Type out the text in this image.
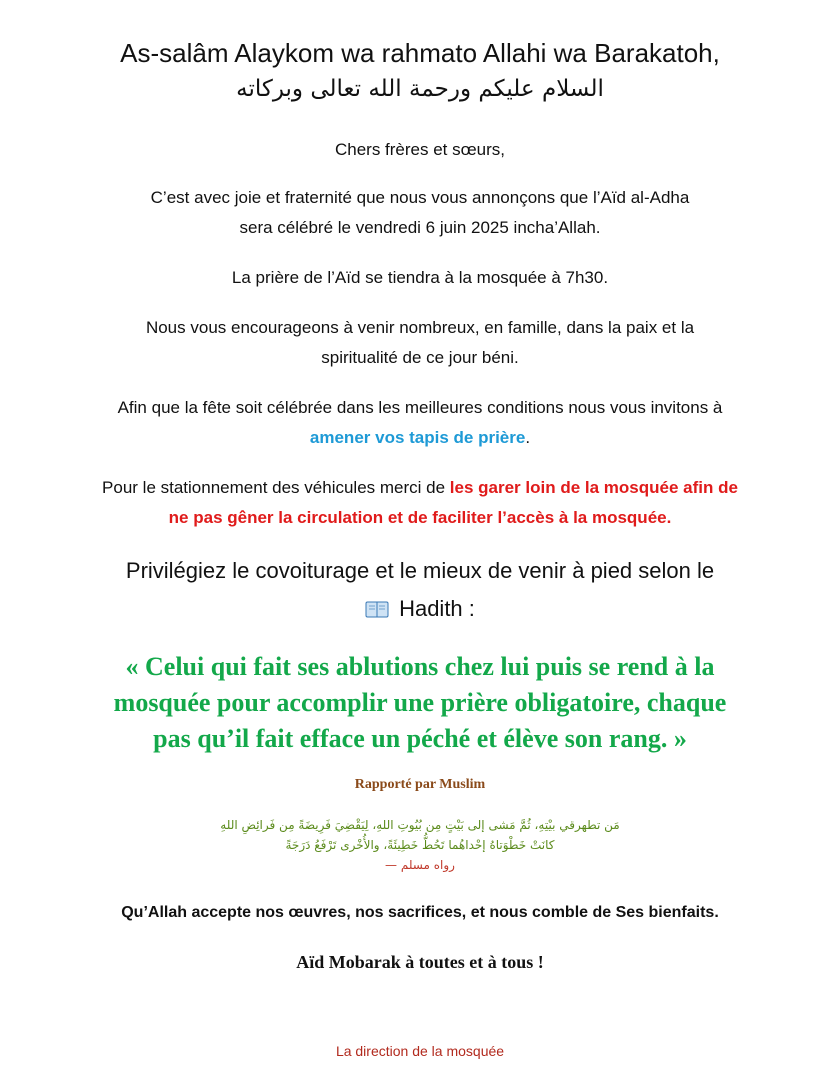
As-salâm Alaykom wa rahmato Allahi wa Barakatoh,
السلام عليكم ورحمة الله تعالى وبركاته
Chers frères et sœurs,
C’est avec joie et fraternité que nous vous annonçons que l’Aïd al-Adha
sera célébré le vendredi 6 juin 2025 incha’Allah.
La prière de l’Aïd se tiendra à la mosquée à 7h30.
Nous vous encourageons à venir nombreux, en famille, dans la paix et la
spiritualité de ce jour béni.
Afin que la fête soit célébrée dans les meilleures conditions nous vous invitons à
amener vos tapis de prière.
Pour le stationnement des véhicules merci de les garer loin de la mosquée afin de
ne pas gêner la circulation et de faciliter l’accès à la mosquée.
Privilégiez le covoiturage et le mieux de venir à pied selon le
Hadith :
« Celui qui fait ses ablutions chez lui puis se rend à la
mosquée pour accomplir une prière obligatoire, chaque
pas qu’il fait efface un péché et élève son rang. »
Rapporté par Muslim
مَن تطهرقي بيْتِهِ، ثُمَّ مَشى إلى بَيْتٍ مِن بُيُوتِ اللهِ، لِيَقْضِيَ فَرِيضَةً مِن فَرائِضِ اللهِ
كانَتْ خَطْوَتاهُ إحْداهُما تَحُطُّ خَطِيئَةً، والأُخْرى تَرْفَعُ دَرَجَةً
رواه مسلم —
Qu’Allah accepte nos œuvres, nos sacrifices, et nous comble de Ses bienfaits.
Aïd Mobarak à toutes et à tous !
La direction de la mosquée
